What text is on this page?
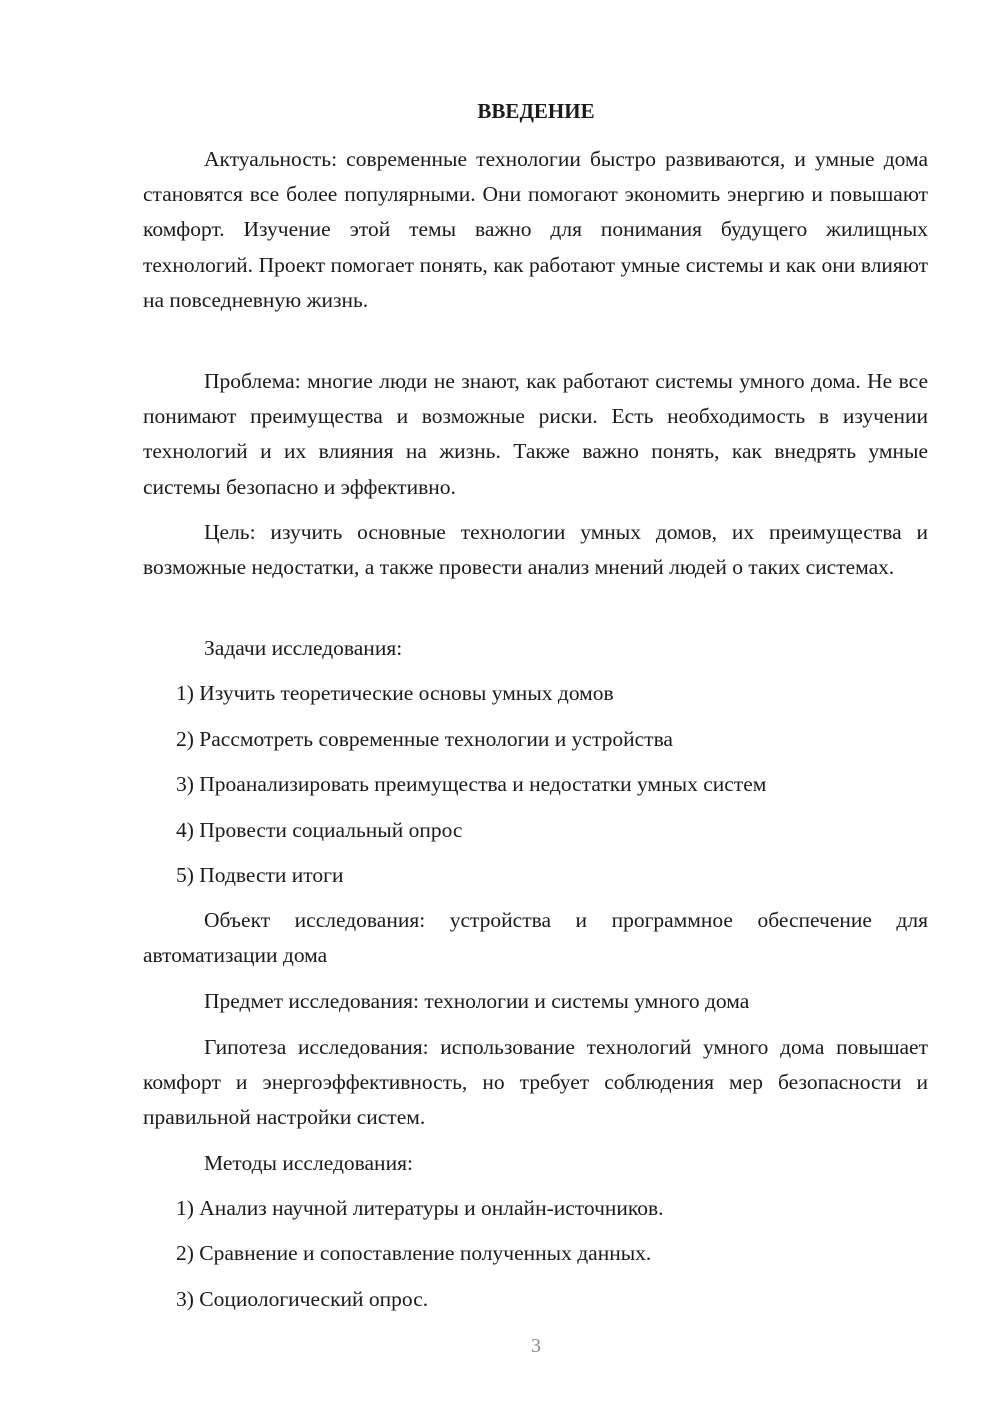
ВВЕДЕНИЕ

Актуальность: современные технологии быстро развиваются, и умные дома становятся все более популярными. Они помогают экономить энергию и повышают комфорт. Изучение этой темы важно для понимания будущего жилищных технологий. Проект помогает понять, как работают умные системы и как они влияют на повседневную жизнь.

Проблема: многие люди не знают, как работают системы умного дома. Не все понимают преимущества и возможные риски. Есть необходимость в изучении технологий и их влияния на жизнь. Также важно понять, как внедрять умные системы безопасно и эффективно.

Цель: изучить основные технологии умных домов, их преимущества и возможные недостатки, а также провести анализ мнений людей о таких системах.

Задачи исследования:

1) Изучить теоретические основы умных домов

2) Рассмотреть современные технологии и устройства

3) Проанализировать преимущества и недостатки умных систем

4) Провести социальный опрос

5) Подвести итоги

Объект исследования: устройства и программное обеспечение для автоматизации дома

Предмет исследования: технологии и системы умного дома

Гипотеза исследования: использование технологий умного дома повышает комфорт и энергоэффективность, но требует соблюдения мер безопасности и правильной настройки систем.

Методы исследования:

1) Анализ научной литературы и онлайн-источников.

2) Сравнение и сопоставление полученных данных.

3) Социологический опрос.

3
